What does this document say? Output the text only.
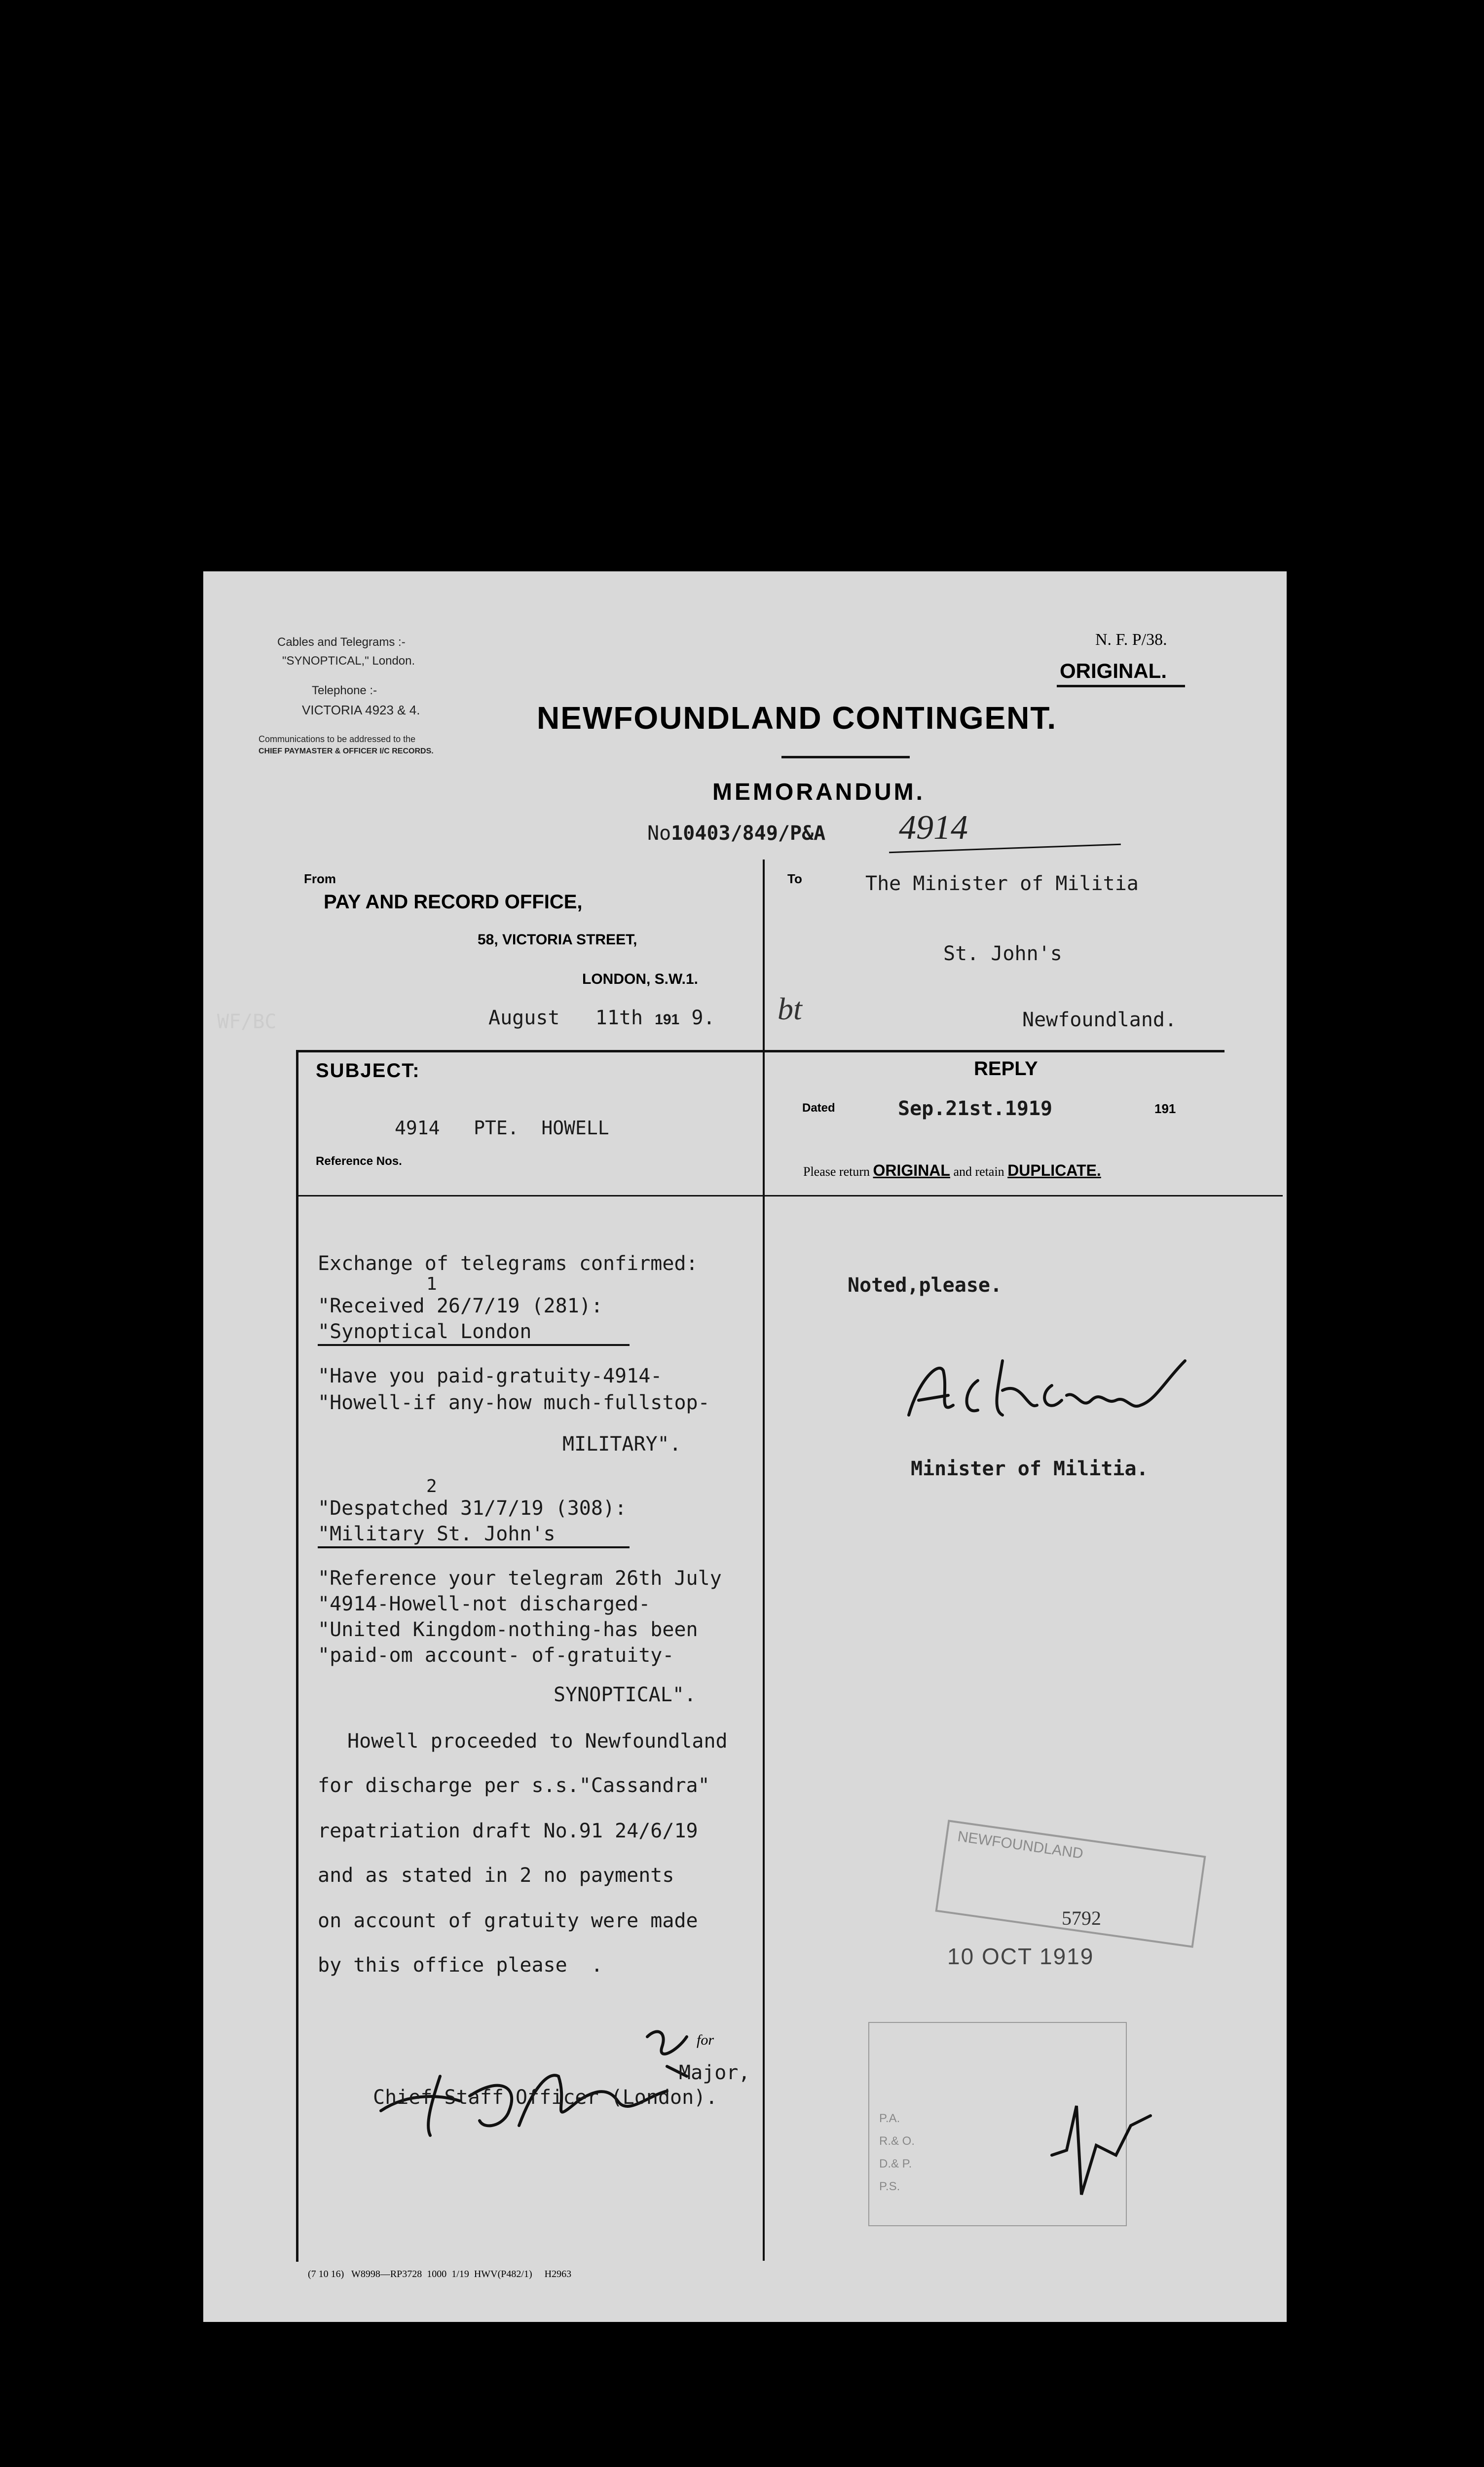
Cables and Telegrams :-
"SYNOPTICAL," London.
Telephone :-
VICTORIA 4923 & 4.
Communications to be addressed to the
CHIEF PAYMASTER & OFFICER I/C RECORDS.
N. F. P/38.
ORIGINAL.
NEWFOUNDLAND CONTINGENT.
MEMORANDUM.
No10403/849/P&A 4914
From
PAY AND RECORD OFFICE,
58, VICTORIA STREET,
LONDON, S.W.1.
August 11th 191 9. bt
To	The Minister of Militia
St. John's
Newfoundland.
SUBJECT:
4914   PTE.  HOWELL
Reference Nos.
REPLY
Dated	Sep.21st.1919	191
Please return ORIGINAL and retain DUPLICATE.
Exchange of telegrams confirmed:
1
"Received 26/7/19 (281):
"Synoptical London
"Have you paid-gratuity-4914-
"Howell-if any-how much-fullstop-
MILITARY".
2
"Despatched 31/7/19 (308):
"Military St. John's
"Reference your telegram 26th July
"4914-Howell-not discharged-
"United Kingdom-nothing-has been
"paid-om account- of-gratuity-
SYNOPTICAL".
Howell proceeded to Newfoundland
for discharge per s.s."Cassandra"
repatriation draft No.91 24/6/19
and as stated in 2 no payments
on account of gratuity were made
by this office please  .
for
Major,
Chief Staff Officer (London).
Noted,please.
Minister of Militia.
NEWFOUNDLAND
5792
10 OCT 1919
P.A.
R.& O.
D.& P.
P.S.
(7 10 16)   W8998—RP3728  1000  1/19  HWV(P482/1)     H2963
WF/BC
